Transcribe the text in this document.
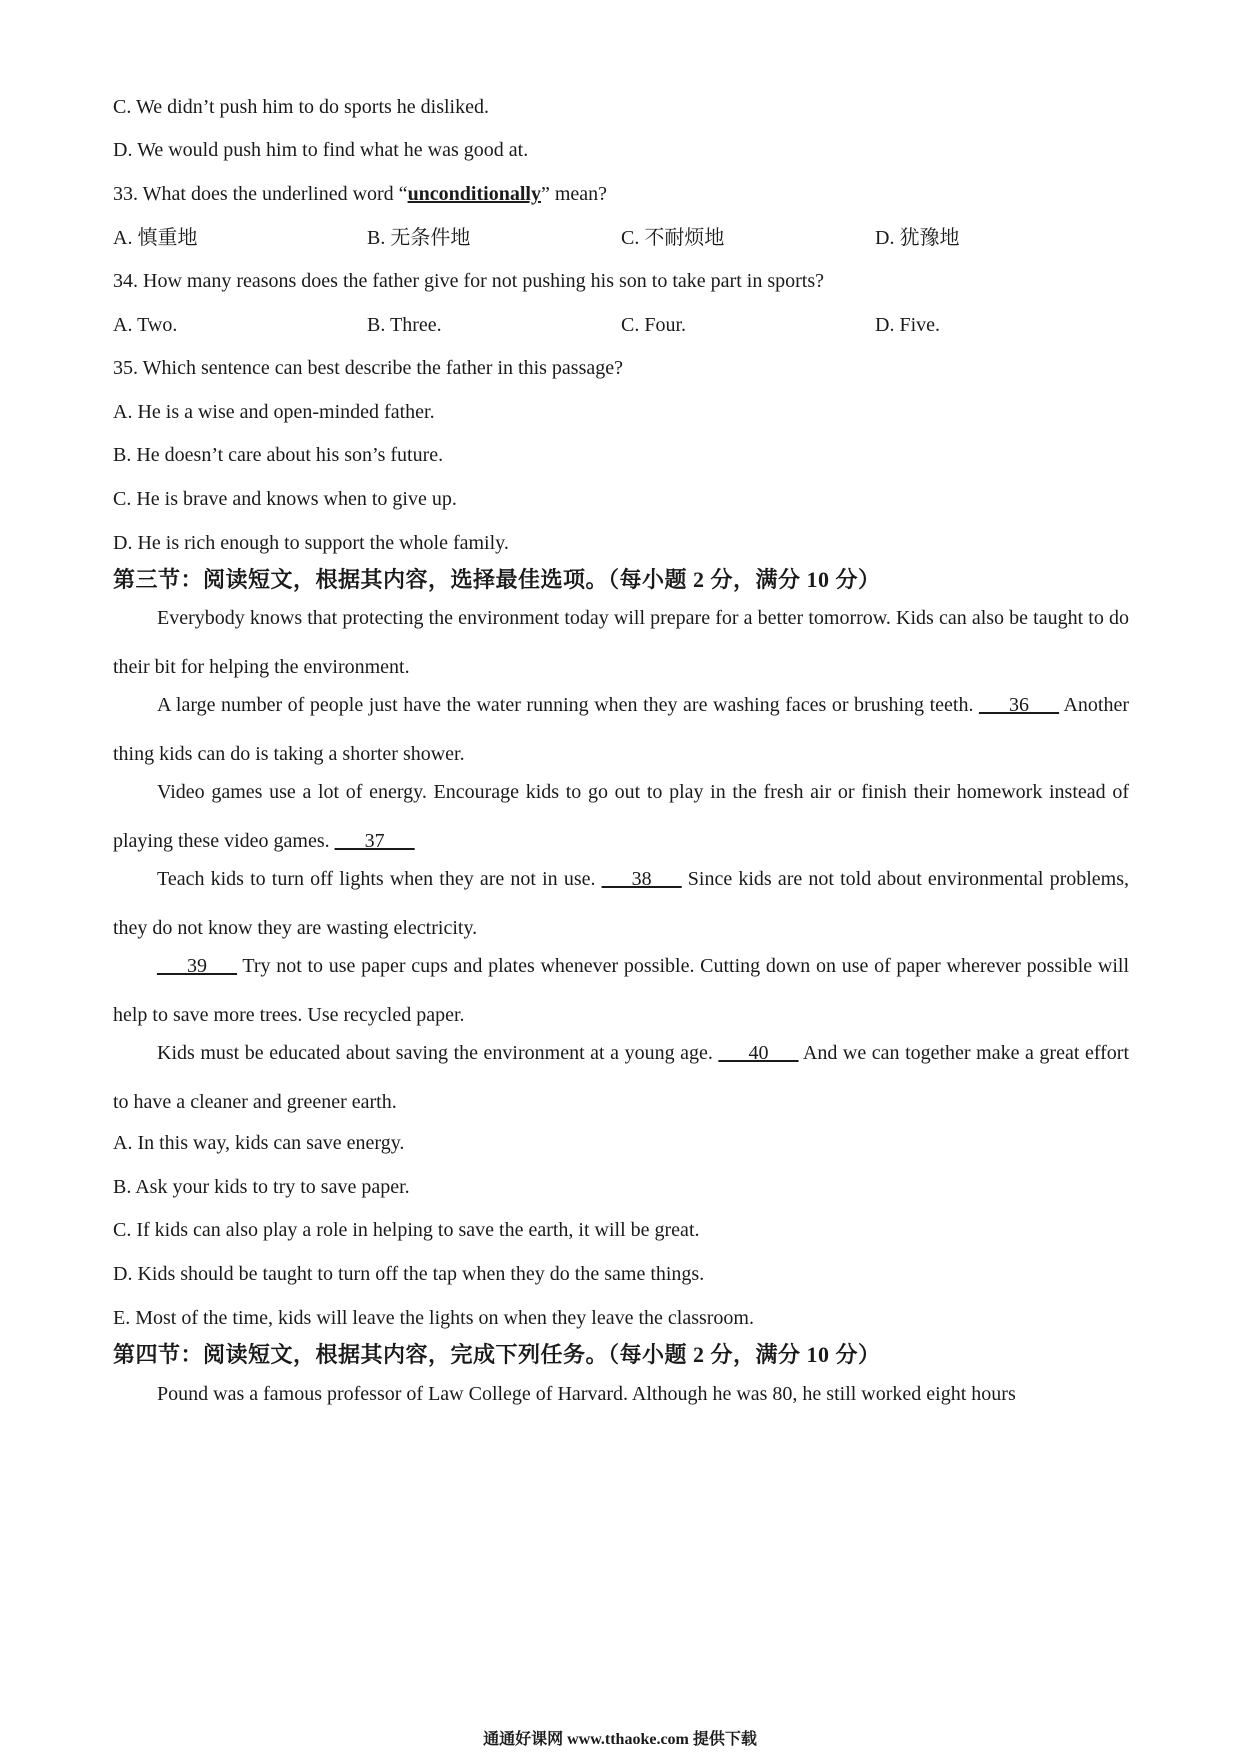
C. We didn’t push him to do sports he disliked.
D. We would push him to find what he was good at.
33. What does the underlined word “unconditionally” mean?
A. 慎重地	B. 无条件地	C. 不耐烦地	D. 犹豫地
34. How many reasons does the father give for not pushing his son to take part in sports?
A. Two.	B. Three.	C. Four.	D. Five.
35. Which sentence can best describe the father in this passage?
A. He is a wise and open-minded father.
B. He doesn’t care about his son’s future.
C. He is brave and knows when to give up.
D. He is rich enough to support the whole family.
第三节：阅读短文，根据其内容，选择最佳选项。（每小题 2 分，满分 10 分）
Everybody knows that protecting the environment today will prepare for a better tomorrow. Kids can also be taught to do their bit for helping the environment.
A large number of people just have the water running when they are washing faces or brushing teeth. ___36___ Another thing kids can do is taking a shorter shower.
Video games use a lot of energy. Encourage kids to go out to play in the fresh air or finish their homework instead of playing these video games. ___37___
Teach kids to turn off lights when they are not in use. ___38___ Since kids are not told about environmental problems, they do not know they are wasting electricity.
___39___ Try not to use paper cups and plates whenever possible. Cutting down on use of paper wherever possible will help to save more trees. Use recycled paper.
Kids must be educated about saving the environment at a young age. ___40___ And we can together make a great effort to have a cleaner and greener earth.
A. In this way, kids can save energy.
B. Ask your kids to try to save paper.
C. If kids can also play a role in helping to save the earth, it will be great.
D. Kids should be taught to turn off the tap when they do the same things.
E. Most of the time, kids will leave the lights on when they leave the classroom.
第四节：阅读短文，根据其内容，完成下列任务。（每小题 2 分，满分 10 分）
Pound was a famous professor of Law College of Harvard. Although he was 80, he still worked eight hours
通通好课网 www.tthaoke.com 提供下载
